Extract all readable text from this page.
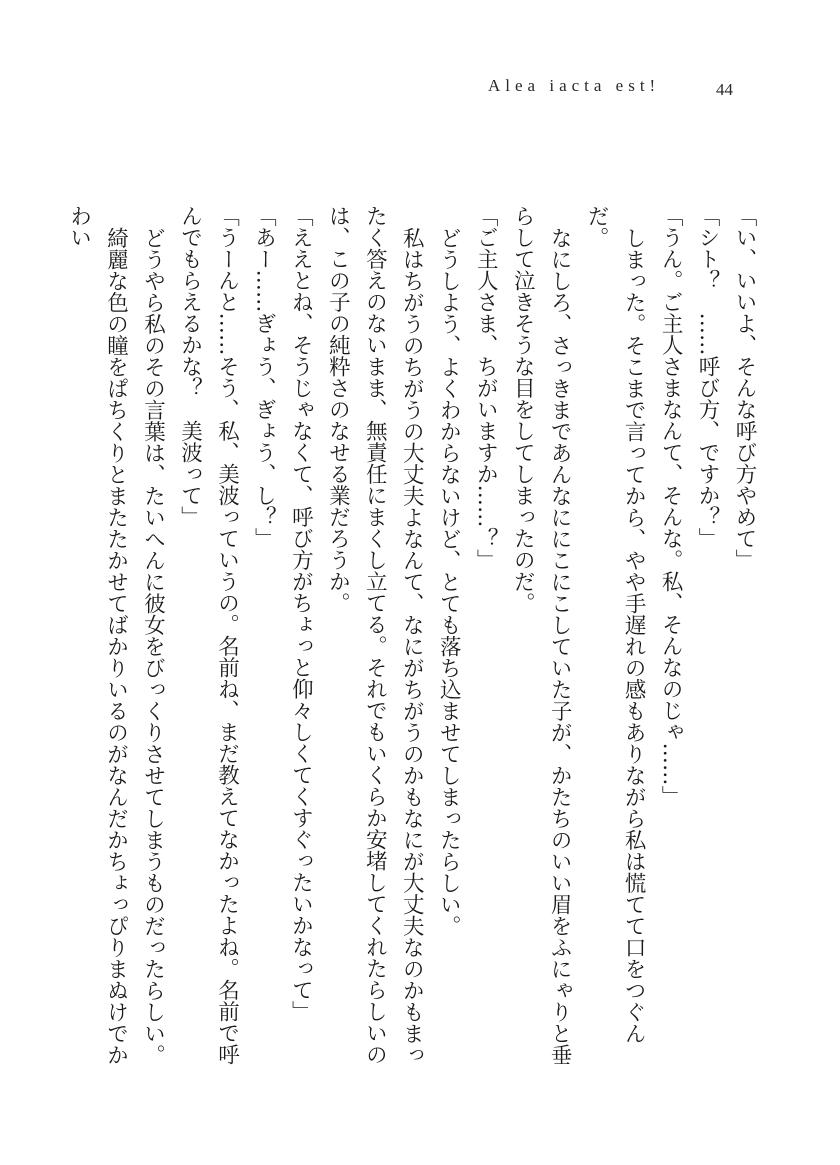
Alea iacta est!	44

「い、いいよ、そんな呼び方やめて」

「シト？　……呼び方、ですか？」

「うん。ご主人さまなんて、そんな。私、そんなのじゃ……」

しまった。そこまで言ってから、やや手遅れの感もありながら私は慌てて口をつぐんだ。

なにしろ、さっきまであんなににこにこしていた子が、かたちのいい眉をふにゃりと垂らして泣きそうな目をしてしまったのだ。

「ご主人さま、ちがいますか……？」

どうしよう、よくわからないけど、とても落ち込ませてしまったらしい。

私はちがうのちがうの大丈夫よなんて、なにがちがうのかもなにが大丈夫なのかもまったく答えのないまま、無責任にまくし立てる。それでもいくらか安堵してくれたらしいのは、この子の純粋さのなせる業だろうか。

「ええとね、そうじゃなくて、呼び方がちょっと仰々しくてくすぐったいかなって」

「あー……ぎょう、ぎょう、し？」

「うーんと……そう、私、美波っていうの。名前ね、まだ教えてなかったよね。名前で呼んでもらえるかな？　美波って」

どうやら私のその言葉は、たいへんに彼女をびっくりさせてしまうものだったらしい。

綺麗な色の瞳をぱちくりとまたたかせてばかりいるのがなんだかちょっぴりまぬけでかわい
